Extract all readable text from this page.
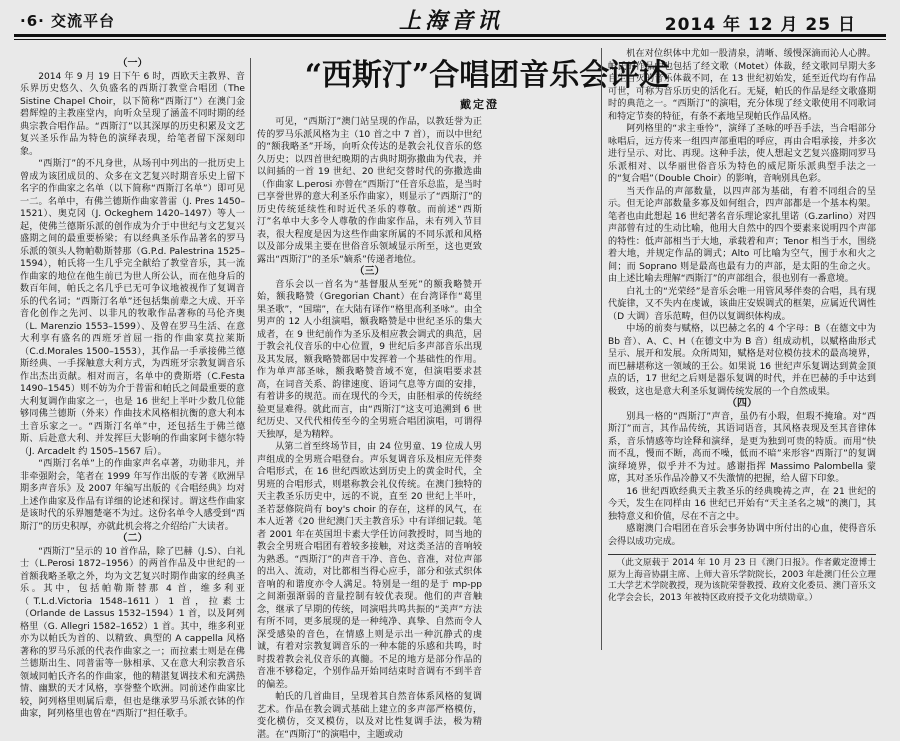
·6· 交流平台	上海音讯	2014 年 12 月 25 日
“西斯汀”合唱团音乐会评述
戴定澄

（一）

2014 年 9 月 19 日下午 6 时，西欧天主教界、音乐界历史悠久、久负盛名的西斯汀教堂合唱团（The Sistine Chapel Choir，以下简称“西斯汀”）在澳门金碧辉煌的主教座堂内，向听众呈现了涵盖不同时期的经典宗教合唱作品。“西斯汀”以其深厚的历史积累及文艺复兴圣乐作品为特色的演绎表现，给笔者留下深刻印象。

“西斯汀”的不凡身世，从场刊中列出的一批历史上曾成为该团成员的、众多在文艺复兴时期音乐史上留下名字的作曲家之名单（以下简称“西斯汀名单”）即可见一二。名单中，有佛兰德斯作曲家普雷（J. Pres 1450–1521）、奥克冈（J. Ockeghem 1420–1497）等人一起，使佛兰德斯乐派的创作成为介于中世纪与文艺复兴盛期之间的最重要桥梁；有以经典圣乐作品著名的罗马乐派的领头人物帕勒斯替那（G.P.d. Palestrina 1525–1594），帕氏将一生几乎完全献给了教堂音乐，其一流作曲家的地位在他生前已为世人所公认，而在他身后的数百年间，帕氏之名几乎已无可争议地被视作了复调音乐的代名词；“西斯汀名单”还包括集前辈之大成、开辛音化创作之先河、以非凡的牧歌作品著称的马伦齐奥（L. Marenzio 1553–1599）、及曾在罗马生活、在意大利享有盛名的西班牙首屈一指的作曲家莫拉莱斯（C.d.Morales 1500–1553），其作品一手承接佛兰德斯经典、一手探触意大利方式，为西班牙宗教复调音乐作出杰出贡献。相对而言，名单中的费斯塔（C.Festa 1490–1545）则不妨为介于普雷和帕氏之间最重要的意大利复调作曲家之一，也是 16 世纪上半叶少数几位能够同佛兰德斯（外来）作曲技术风格相抗衡的意大利本土音乐家之一。“西斯汀名单”中，还包括生于佛兰德斯、后赴意大利、并发挥巨大影响的作曲家阿卡德尔特（J. Arcadelt 约 1505–1567 后）。

“西斯汀名单”上的作曲家声名卓著，功勋非凡，并非牵强附会，笔者在 1999 年写作出版的专著《欧洲早期多声音乐》及 2007 年编写出版的《合唱经典》均对上述作曲家及作品有详细的论述和探讨。谓这些作曲家是该时代的乐界翘楚毫不为过。这份名单令人感受到“西斯汀”的历史积厚，亦就此机会将之介绍给广大读者。

（二）

“西斯汀”呈示的 10 首作品，除了巴赫（J.S）、白礼士（L.Perosi 1872–1956）的两首作品及中世纪的一首额我略圣歌之外，均为文艺复兴时期作曲家的经典圣乐。其中，包括帕勒斯替那 4 首，维多利亚（T.L.d.Victoria 1548–1611）1 首，拉素士（Orlande de Lassus 1532–1594）1 首，以及阿列格里（G. Allegri 1582–1652）1 首。其中，维多利亚亦为以帕氏为首的、以精致、典型的 A cappella 风格著称的罗马乐派的代表作曲家之一；而拉素士则是在佛兰德斯出生、同普雷等一脉相承、又在意大利宗教音乐领域同帕氏齐名的作曲家，他的精湛复调技术和充满热情、幽默的天才风格，享誉整个欧洲。同前述作曲家比较，阿列格里则属后辈，但也是继承罗马乐派衣钵的作曲家，阿列格里也曾在“西斯汀”担任歌手。

可见，“西斯汀”澳门站呈现的作品，以教廷誉为正传的罗马乐派风格为主（10 首之中 7 首），而以中世纪的“额我略圣”开场，向听众传达的是教会礼仪音乐的悠久历史；以四首世纪晚期的古典时期弥撒曲为代表，并以间插的一首 19 世纪、20 世纪交替时代的弥撒选曲（作曲家 L.perosi 亦曾在“西斯汀”任音乐总监，是当时已享誉世界的意大利圣乐作曲家），则显示了“西斯汀”的历史传统延续性和时近代圣乐的尊敬。而前述“西斯汀”名单中大多令人尊敬的作曲家作品，未有列入节目表，很大程度是因为这些作曲家所属的不同乐派和风格以及部分成果主要在世俗音乐领域显示所至，这也更致露出“西斯汀”的圣乐“嫡系”传递者地位。

（三）

音乐会以一首名为“基督服从至死”的额我略赞开始，额我略赞（Gregorian Chant）在台湾译作“葛里果圣歌”，“国瑞”，在大陆有译作“格里高利圣咏”。由全男声的 12 人小组演唱，额我略赞是中世纪圣乐的集大成者，在 9 世纪前作为圣乐及相应教会调式的典范，居于教会礼仪音乐的中心位置，9 世纪后多声部音乐出现及其发展，额我略赞都居中发挥着一个基础性的作用。作为单声部圣咏，额我略赞音域不宽，但演唱要求甚高，在词音关系、韵律速度、语词气息等方面的安排，有着讲多的规范。而在现代的今天，由胚相承的传统经验更显难得。就此而言，由“西斯汀”这支可追溯到 6 世纪历史、又代代相传至今的全男班合唱团演唱，可谓得天独厚，是为精粹。

从第二首至终场节目，由 24 位男童、19 位成人男声组成的全男班合唱登台。声乐复调音乐及相应无伴奏合唱形式，在 16 世纪西欧达到历史上的黄金时代，全男班的合唱形式，则堪称教会礼仪传统。在澳门独特的天主教圣乐历史中，远的不说，直至 20 世纪上半叶，圣若瑟修院尚有 boy's choir 的存在，这样的风气，在本人近著《20 世纪澳门天主教音乐》中有详细记载。笔者 2001 年在英国坦卡素大学任访问教授时，同当地的教会全男班合唱团有着较多接触，对这类圣洁的音响较为熟悉。“西斯汀”的声音干净、音色、音准，对位声部的出入、流动，对比都相当得心应手，部分和弦式织体音响的和谐度亦令人满足。特别是一组的是于 mp-pp 之间渐强渐弱的音量控制有较优表现。他们的声音触念，继承了早期的传统，同演唱共鸣共振的“美声”方法有所不同，更多展现的是一种纯净、真挚、自然而令人深受感染的音色，在情感上则是示出一种沉静式的虔诚，有着对宗教复调音乐的一种本能的乐感和共鸣，时时拨着教会礼仪音乐的真髓。不足的地方是部分作品的音准不够稳定，个别作品开始同结束时音调有不到半音的偏差。

帕氏的几首曲目，呈现着其自然音体系风格的复调艺术。作品在教会调式基础上建立的多声部严格模仿，变化横仿，交叉模仿，以及对比性复调手法，极为精湛。在“西斯汀”的演唱中，主题或动

机在对位织体中尤如一股清泉，清晰、缓慢深滴而沁人心脾。帕氏的作品中也包括了经文歌（Motet）体裁，经文歌同早期大多自生自灭的音乐体裁不同，在 13 世纪初始发，延至近代均有作品可世，可称为音乐历史的活化石。无疑，帕氏的作品是经文歌盛期时的典范之一。“西斯汀”的演唱，充分体现了经文歌使用不同歌词和特定节奏的特征，有条不紊地呈现帕氏作品风格。

阿列格里的“求主垂怜”，演绎了圣咏的呼吾手法，当合唱部分咏唱后，远方传来一组四声部重唱的呼应，再由合唱承接，并多次进行呈示、对比、再现。这种手法，使人想起文艺复兴盛期同罗马乐派相对、以华丽世俗音乐为特色的威尼斯乐派典型手法之一的“复合唱”（Double Choir）的影响，音响别具色彩。

当天作品的声部数量，以四声部为基础，有着不同组合的呈示。但无论声部数量多寡及如何组合，四声部都是一个基本构架。笔者也由此想起 16 世纪著名音乐理论家扎里诺（G.zarlino）对四声部曾有过的生动比喻，他用大自然中的四个要素来说明四个声部的特性：低声部相当于大地，承载着和声；Tenor 相当于水，围绕着大地，并规定作品的调式；Alto 可比喻为空气，围于水和火之间；而 Soprano 则是最高也最有力的声部，是太阳的生命之火。由上述比喻去理解“西斯汀”的声部组合，很也别有一番意境。

白礼士的“光荣经”是音乐会唯一用管风琴伴奏的合唱，具有现代旋律，又不失内在虔诚，该曲庄安娱调式的框架，应属近代调性（D 大调）音乐范畴，但仍以复调织体构成。

中场的前奏与赋格，以巴赫之名的 4 个字母：B（在德文中为 Bb 音）、A、C、H（在德文中为 B 音）组成动机，以赋格曲形式呈示、展开和发展。众所周知，赋格是对位模仿技术的最高境界，而巴赫堪称这一领域的王公。如果说 16 世纪声乐复调达到黄金顶点的话，17 世纪之后则是器乐复调的时代，并在巴赫的手中达到极致，这也是意大利圣乐复调传统发展的一个自然成果。

（四）

别具一格的“西斯汀”声音，虽仍有小瑕，但瑕不掩瑜。对“西斯汀”而言，其作品传统，其语词语音，其风格表现及至其音律体系，音乐情感等均诠释和演绎，是更为独到可贵的特质。而用“快而不乱，慢而不断，高而不噪，低而不暗”来形容“西斯汀”的复调演绎境界，似乎并不为过。感谢指挥 Massimo Palombella 蒙席，其对圣乐作品冷静又不失激情的把握，给人留下印象。

16 世纪西欧经典天主教圣乐的经典晚祷之声，在 21 世纪的今天，发生在同样由 16 世纪已开始有“天主圣名之城”的澳门，其独特意义和价值，尽在不言之中。

感谢澳门合唱团在音乐会事务协调中所付出的心血，使得音乐会得以成功完成。

（此文原载于 2014 年 10 月 23 日《澳门日报》。作者戴定澄博士原为上海音协副主席、上师大音乐学院院长，2003 年赴澳门任公立理工大学艺术学院教授，现为该院荣誉教授、政府文化委员、澳门音乐文化学会会长，2013 年被特区政府授予文化功绩勋章。）
